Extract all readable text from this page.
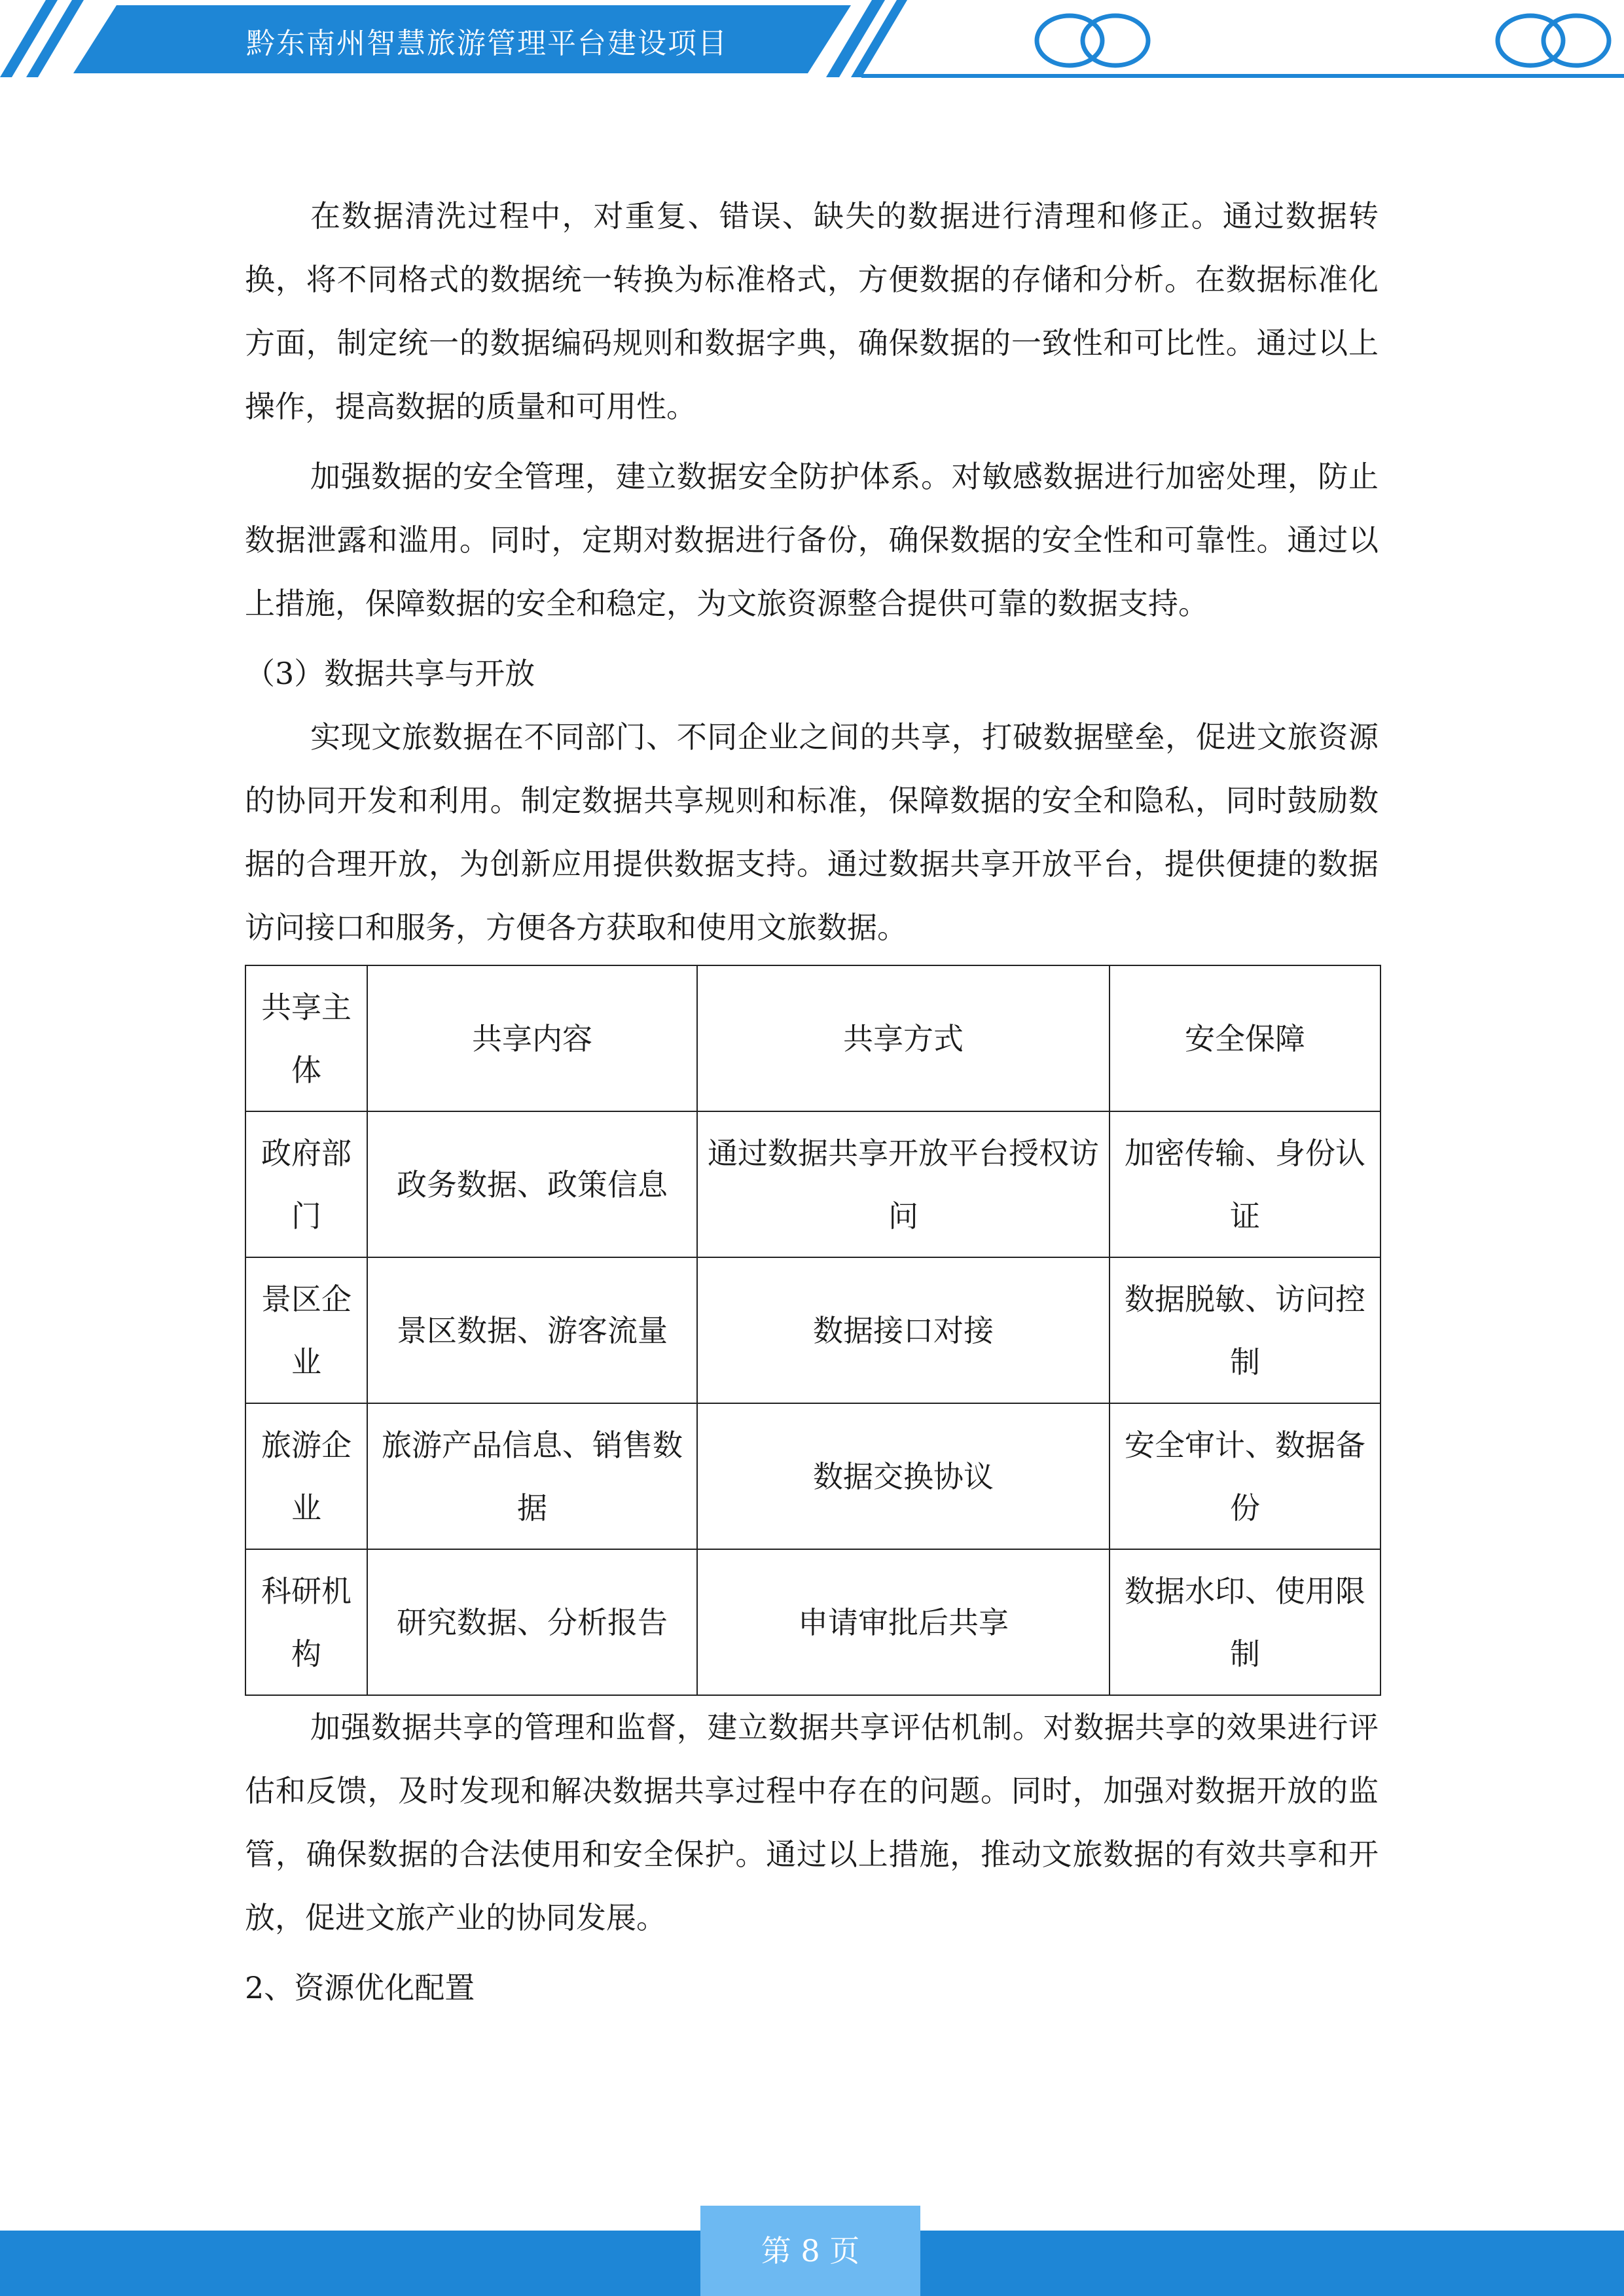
黔东南州智慧旅游管理平台建设项目

在数据清洗过程中，对重复、错误、缺失的数据进行清理和修正。通过数据转换，将不同格式的数据统一转换为标准格式，方便数据的存储和分析。在数据标准化方面，制定统一的数据编码规则和数据字典，确保数据的一致性和可比性。通过以上操作，提高数据的质量和可用性。

加强数据的安全管理，建立数据安全防护体系。对敏感数据进行加密处理，防止数据泄露和滥用。同时，定期对数据进行备份，确保数据的安全性和可靠性。通过以上措施，保障数据的安全和稳定，为文旅资源整合提供可靠的数据支持。

（3）数据共享与开放

实现文旅数据在不同部门、不同企业之间的共享，打破数据壁垒，促进文旅资源的协同开发和利用。制定数据共享规则和标准，保障数据的安全和隐私，同时鼓励数据的合理开放，为创新应用提供数据支持。通过数据共享开放平台，提供便捷的数据访问接口和服务，方便各方获取和使用文旅数据。

共享主体	共享内容	共享方式	安全保障
政府部门	政务数据、政策信息	通过数据共享开放平台授权访问	加密传输、身份认证
景区企业	景区数据、游客流量	数据接口对接	数据脱敏、访问控制
旅游企业	旅游产品信息、销售数据	数据交换协议	安全审计、数据备份
科研机构	研究数据、分析报告	申请审批后共享	数据水印、使用限制

加强数据共享的管理和监督，建立数据共享评估机制。对数据共享的效果进行评估和反馈，及时发现和解决数据共享过程中存在的问题。同时，加强对数据开放的监管，确保数据的合法使用和安全保护。通过以上措施，推动文旅数据的有效共享和开放，促进文旅产业的协同发展。

2、资源优化配置

第 8 页
